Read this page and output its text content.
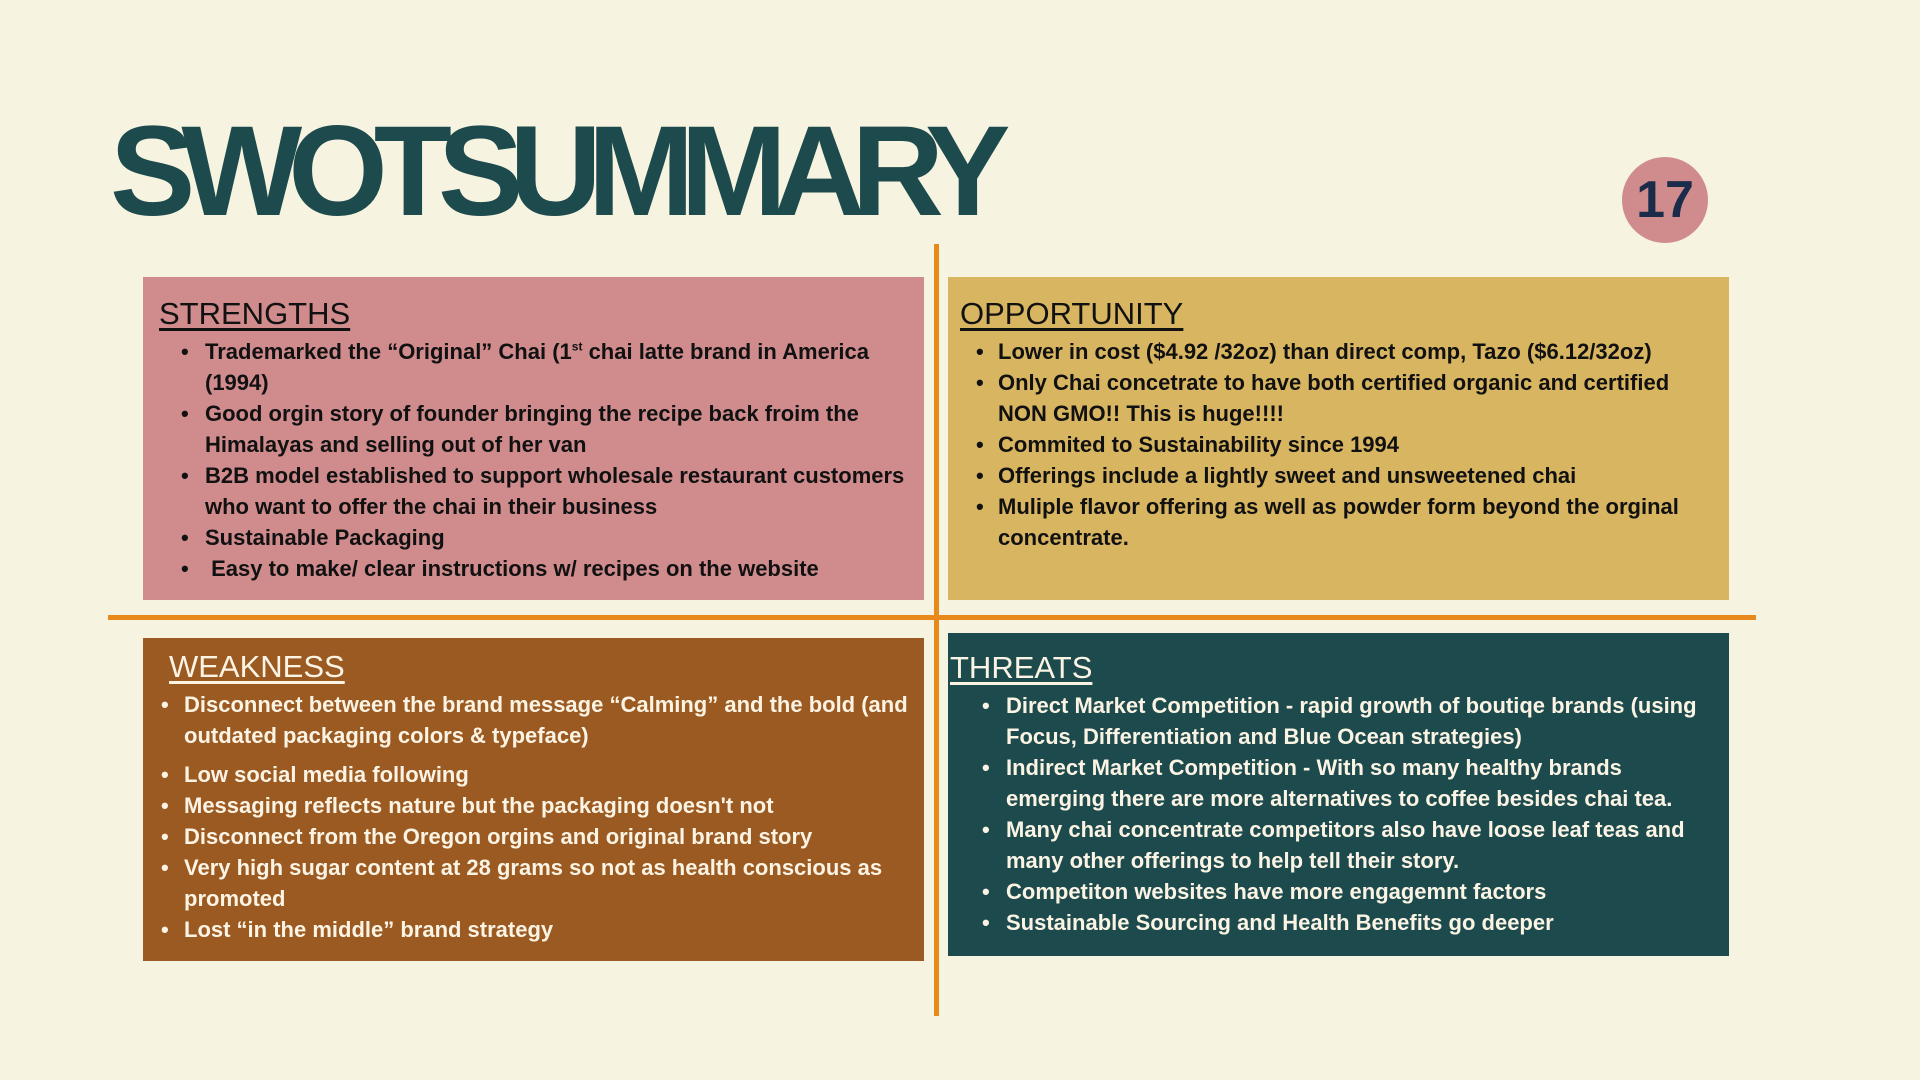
SWOTSUMMARY	17
STRENGTHS
• Trademarked the “Original” Chai (1st chai latte brand in America (1994)
• Good orgin story of founder bringing the recipe back froim the Himalayas and selling out of her van
• B2B model established to support wholesale restaurant customers who want to offer the chai in their business
• Sustainable Packaging
•  Easy to make/ clear instructions w/ recipes on the website
OPPORTUNITY
• Lower in cost ($4.92 /32oz) than direct comp, Tazo ($6.12/32oz)
• Only Chai concetrate to have both certified organic and certified NON GMO!! This is huge!!!!
• Commited to Sustainability since 1994
• Offerings include a lightly sweet and unsweetened chai
• Muliple flavor offering as well as powder form beyond the orginal concentrate.
WEAKNESS
• Disconnect between the brand message “Calming” and the bold (and outdated packaging colors & typeface)
• Low social media following
• Messaging reflects nature but the packaging doesn't not
• Disconnect from the Oregon orgins and original brand story
• Very high sugar content at 28 grams so not as health conscious as promoted
• Lost “in the middle” brand strategy
THREATS
• Direct Market Competition - rapid growth of boutiqe brands (using Focus, Differentiation and Blue Ocean strategies)
• Indirect Market Competition - With so many healthy brands emerging there are more alternatives to coffee besides chai tea.
• Many chai concentrate competitors also have loose leaf teas and many other offerings to help tell their story.
• Competiton websites have more engagemnt factors
• Sustainable Sourcing and Health Benefits go deeper
